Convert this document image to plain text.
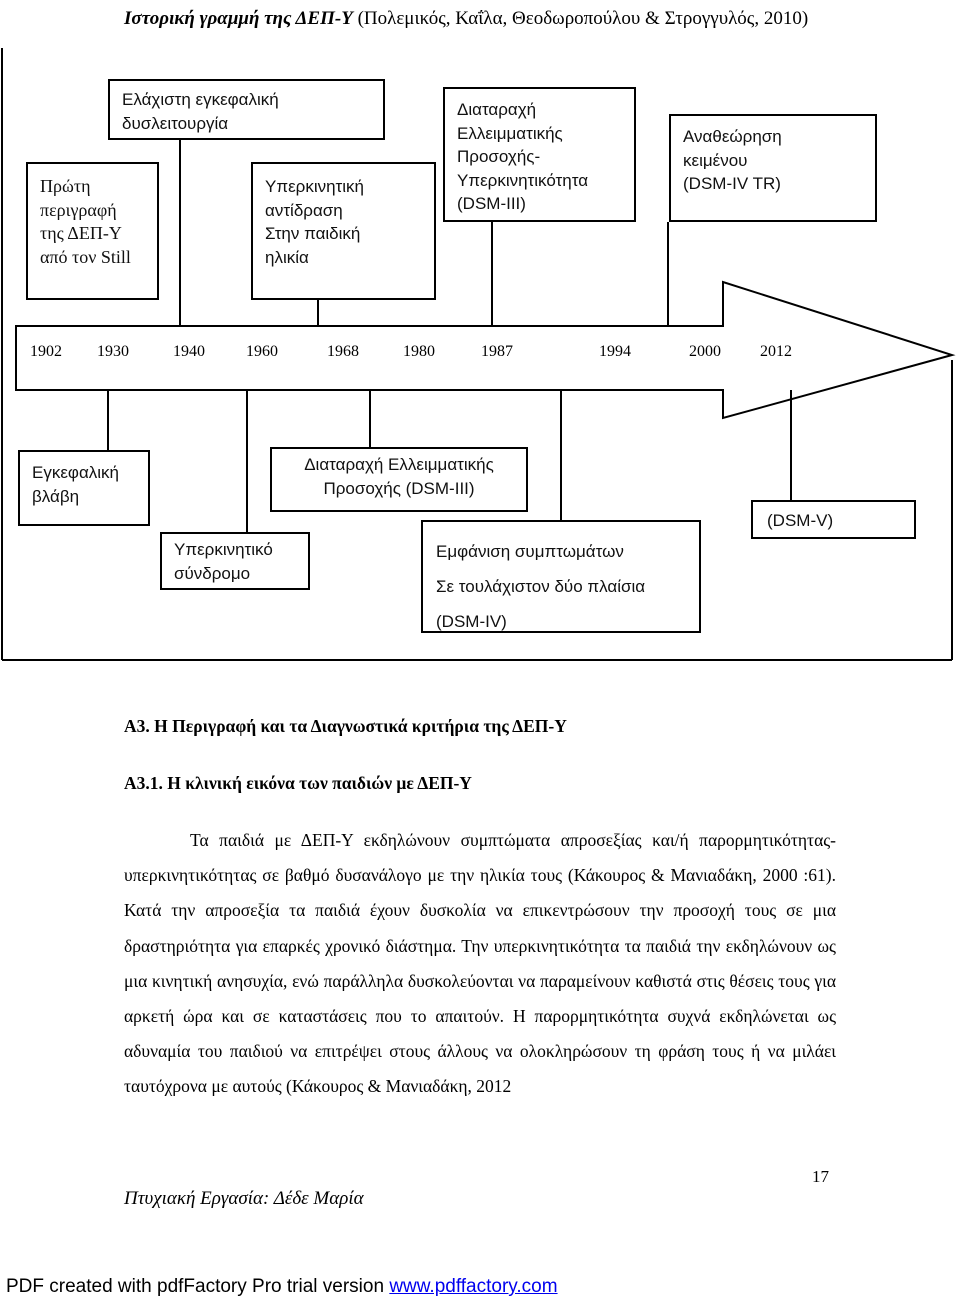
Ιστορική γραμμή της ΔΕΠ-Υ (Πολεμικός, Καΐλα, Θεοδωροπούλου & Στρογγυλός, 2010)
Πρώτη
περιγραφή
της ΔΕΠ-Υ
από τον Still
Ελάχιστη εγκεφαλική
δυσλειτουργία
Υπερκινητική
αντίδραση
Στην παιδική
ηλικία
Διαταραχή
Ελλειμματικής
Προσοχής-
Υπερκινητικότητα
(DSM-III)
Αναθεώρηση
κειμένου
(DSM-IV TR)
1902 1930	1940	1960	1968	1980	1987	1994	2000 2012
Εγκεφαλική
βλάβη
Υπερκινητικό
σύνδρομο
Διαταραχή Ελλειμματικής
Προσοχής (DSM-III)
Εμφάνιση συμπτωμάτων
Σε τουλάχιστον δύο πλαίσια
(DSM-IV)
(DSM-V)
Α3. Η Περιγραφή και τα Διαγνωστικά κριτήρια της ΔΕΠ-Υ
Α3.1. Η κλινική εικόνα των παιδιών με ΔΕΠ-Υ

Τα παιδιά με ΔΕΠ-Υ εκδηλώνουν συμπτώματα απροσεξίας και/ή παρορμητικότητας-υπερκινητικότητας σε βαθμό δυσανάλογο με την ηλικία τους (Κάκουρος & Μανιαδάκη, 2000 :61). Κατά την απροσεξία τα παιδιά έχουν δυσκολία να επικεντρώσουν την προσοχή τους σε μια δραστηριότητα για επαρκές χρονικό διάστημα. Την υπερκινητικότητα τα παιδιά την εκδηλώνουν ως μια κινητική ανησυχία, ενώ παράλληλα δυσκολεύονται να παραμείνουν καθιστά στις θέσεις τους για αρκετή ώρα και σε καταστάσεις που το απαιτούν. Η παρορμητικότητα συχνά εκδηλώνεται ως αδυναμία του παιδιού να επιτρέψει στους άλλους να ολοκληρώσουν τη φράση τους ή να μιλάει ταυτόχρονα με αυτούς (Κάκουρος & Μανιαδάκη, 2012

17
Πτυχιακή Εργασία: Δέδε Μαρία
PDF created with pdfFactory Pro trial version www.pdffactory.com
